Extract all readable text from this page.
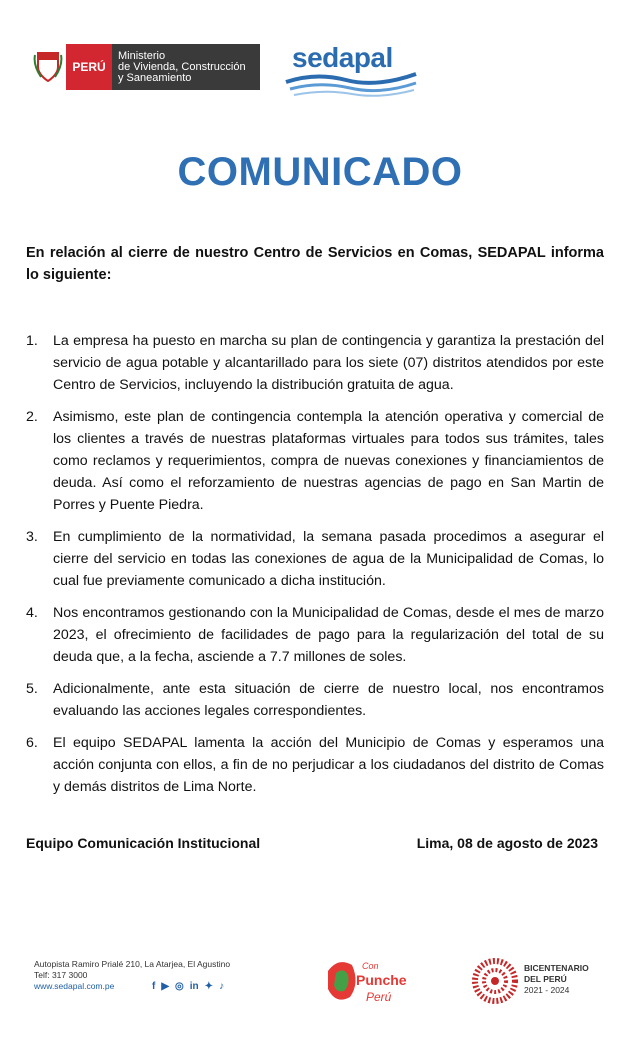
PERÚ
Ministerio
de Vivienda, Construcción
y Saneamiento
sedapal
COMUNICADO
En relación al cierre de nuestro Centro de Servicios en Comas, SEDAPAL informa lo siguiente:
1. La empresa ha puesto en marcha su plan de contingencia y garantiza la prestación del servicio de agua potable y alcantarillado para los siete (07) distritos atendidos por este Centro de Servicios, incluyendo la distribución gratuita de agua.
2. Asimismo, este plan de contingencia contempla la atención operativa y comercial de los clientes a través de nuestras plataformas virtuales para todos sus trámites, tales como reclamos y requerimientos, compra de nuevas conexiones y financiamientos de deuda. Así como el reforzamiento de nuestras agencias de pago en San Martin de Porres y Puente Piedra.
3. En cumplimiento de la normatividad, la semana pasada procedimos a asegurar el cierre del servicio en todas las conexiones de agua de la Municipalidad de Comas, lo cual fue previamente comunicado a dicha institución.
4. Nos encontramos gestionando con la Municipalidad de Comas, desde el mes de marzo 2023, el ofrecimiento de facilidades de pago para la regularización del total de su deuda que, a la fecha, asciende a 7.7 millones de soles.
5. Adicionalmente, ante esta situación de cierre de nuestro local, nos encontramos evaluando las acciones legales correspondientes.
6. El equipo SEDAPAL lamenta la acción del Municipio de Comas y esperamos una acción conjunta con ellos, a fin de no perjudicar a los ciudadanos del distrito de Comas y demás distritos de Lima Norte.
Equipo Comunicación Institucional	Lima, 08 de agosto de 2023
Autopista Ramiro Prialé 210, La Atarjea, El Agustino
Telf: 317 3000
www.sedapal.com.pe	f ▶ ◎ in ✦ ♪
Con
Punche
Perú
BICENTENARIO
DEL PERÚ
2021 - 2024
